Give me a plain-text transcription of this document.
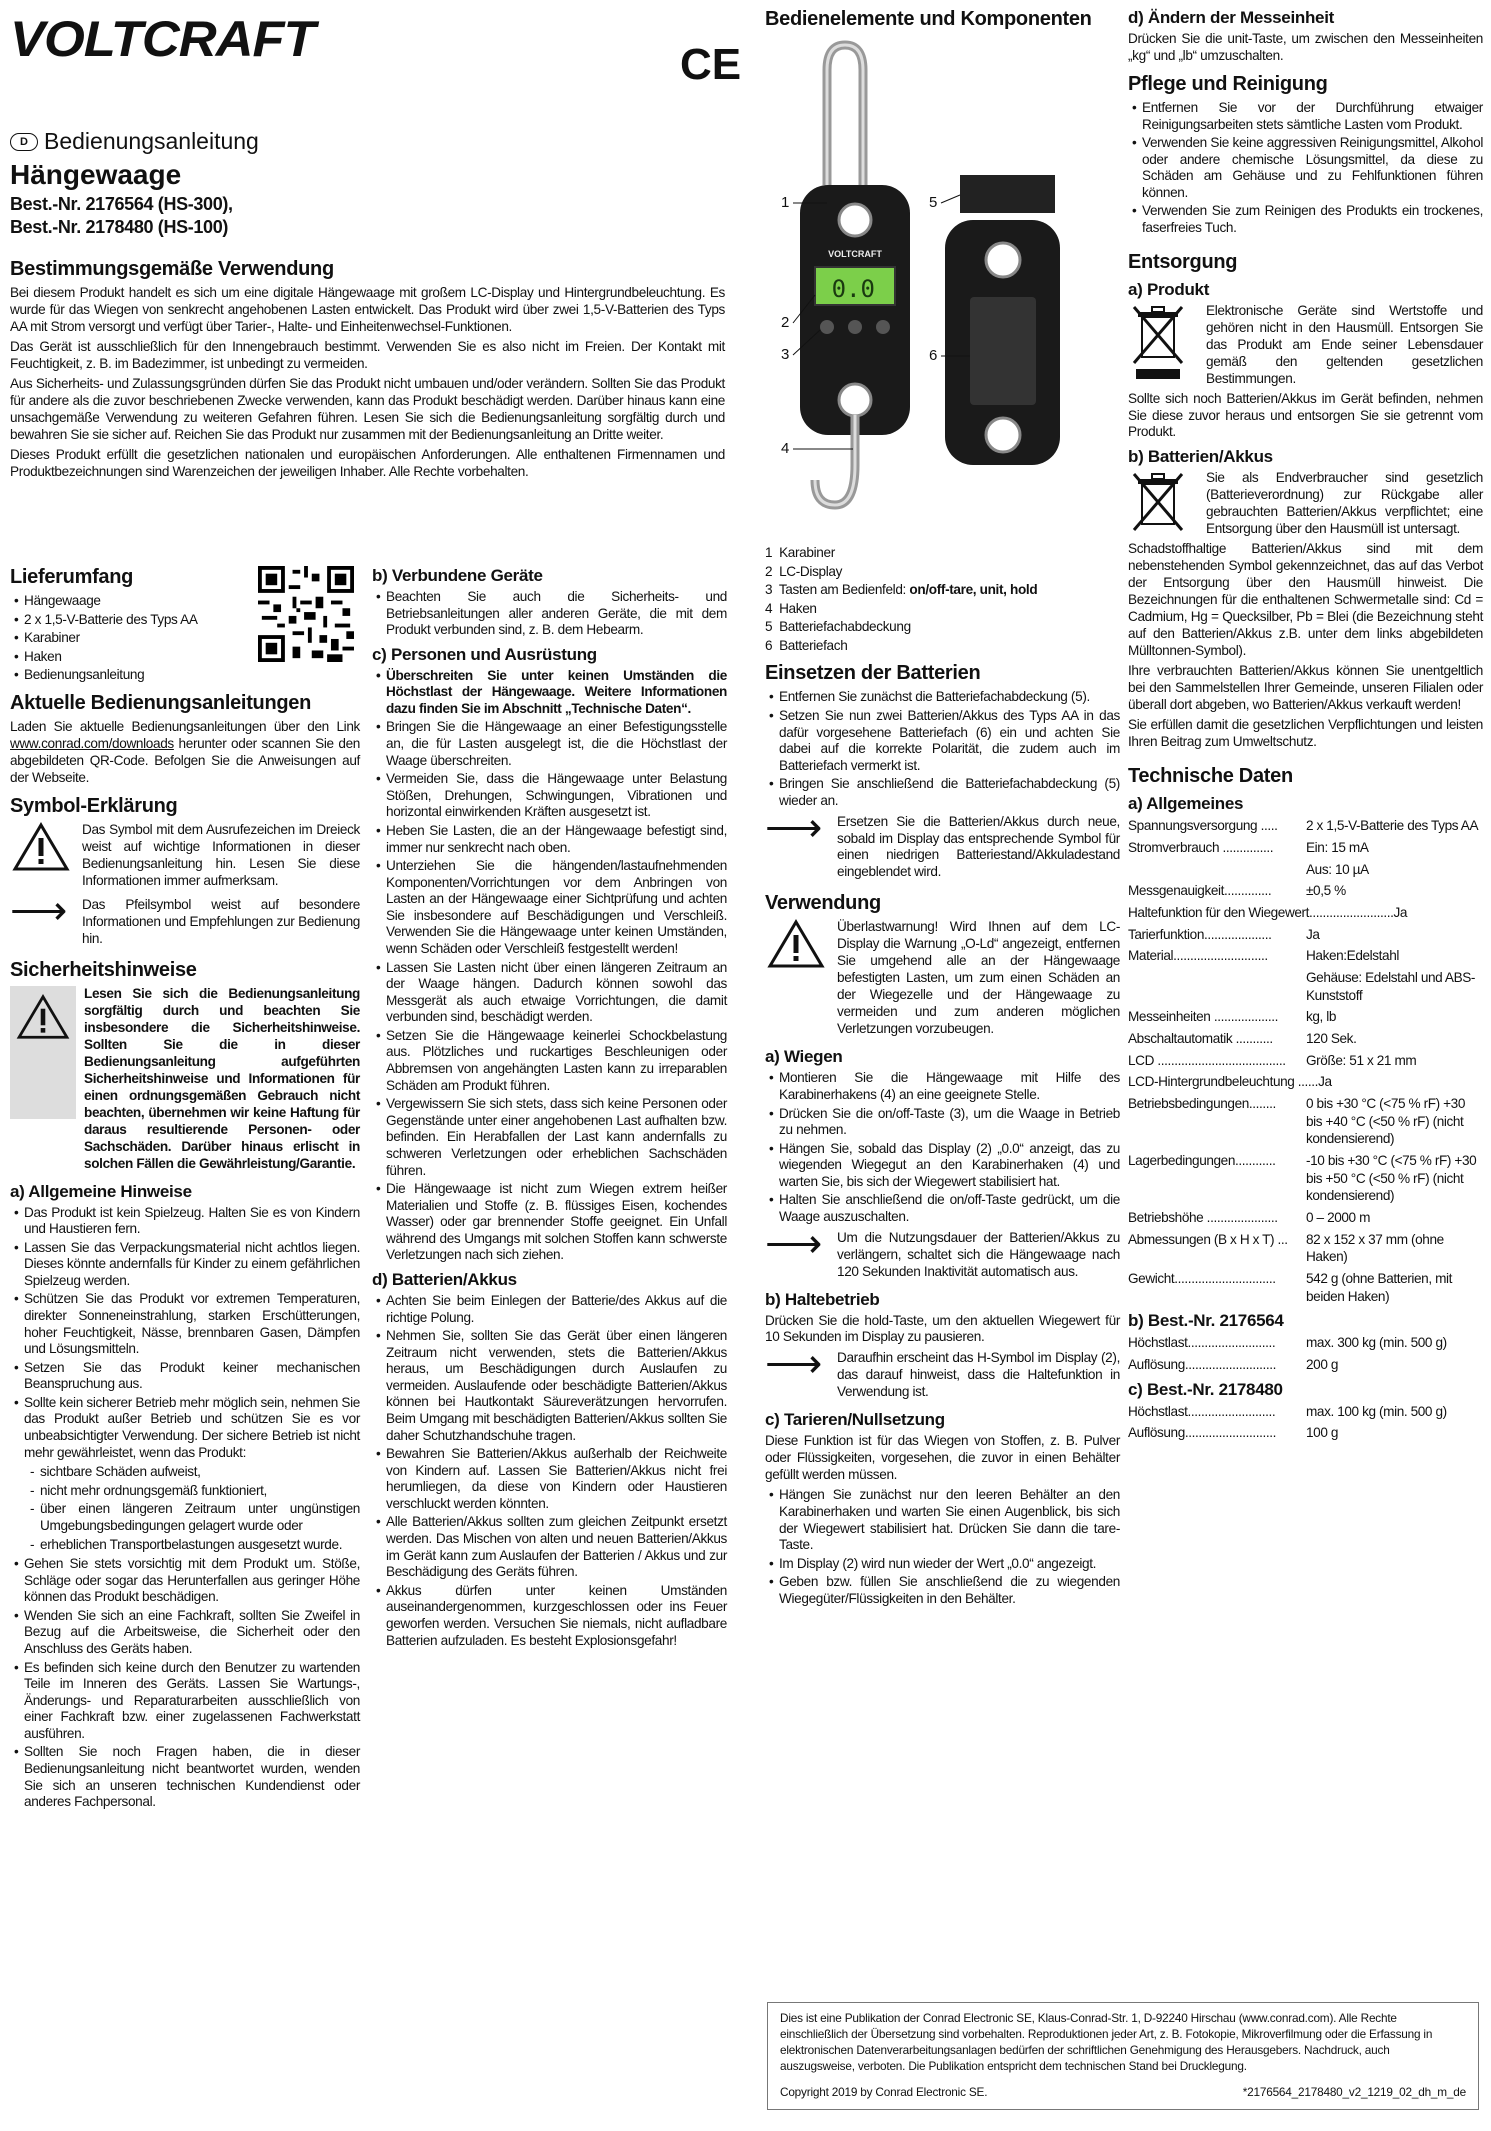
VOLTCRAFT	CE
D Bedienungsanleitung
Hängewaage

Best.-Nr. 2176564 (HS-300),

Best.-Nr. 2178480 (HS-100)

Bestimmungsgemäße Verwendung

Bei diesem Produkt handelt es sich um eine digitale Hängewaage mit großem LC-Display und Hintergrundbeleuchtung. Es wurde für das Wiegen von senkrecht angehobenen Lasten entwickelt. Das Produkt wird über zwei 1,5-V-Batterien des Typs AA mit Strom versorgt und verfügt über Tarier-, Halte- und Einheitenwechsel-Funktionen.

Das Gerät ist ausschließlich für den Innengebrauch bestimmt. Verwenden Sie es also nicht im Freien. Der Kontakt mit Feuchtigkeit, z. B. im Badezimmer, ist unbedingt zu vermeiden.

Aus Sicherheits- und Zulassungsgründen dürfen Sie das Produkt nicht umbauen und/oder verändern. Sollten Sie das Produkt für andere als die zuvor beschriebenen Zwecke verwenden, kann das Produkt beschädigt werden. Darüber hinaus kann eine unsachgemäße Verwendung zu weiteren Gefahren führen. Lesen Sie sich die Bedienungsanleitung sorgfältig durch und bewahren Sie sie sicher auf. Reichen Sie das Produkt nur zusammen mit der Bedienungsanleitung an Dritte weiter.

Dieses Produkt erfüllt die gesetzlichen nationalen und europäischen Anforderungen. Alle enthaltenen Firmennamen und Produktbezeichnungen sind Warenzeichen der jeweiligen Inhaber. Alle Rechte vorbehalten.

Lieferumfang
• Hängewaage
• 2 x 1,5-V-Batterie des Typs AA
• Karabiner
• Haken
• Bedienungsanleitung
Aktuelle Bedienungsanleitungen

Laden Sie aktuelle Bedienungsanleitungen über den Link www.conrad.com/downloads herunter oder scannen Sie den abgebildeten QR-Code. Befolgen Sie die Anweisungen auf der Webseite.

Symbol-Erklärung

Das Symbol mit dem Ausrufezeichen im Dreieck weist auf wichtige Informationen in dieser Bedienungsanleitung hin. Lesen Sie diese Informationen immer aufmerksam.

⟶	Das Pfeilsymbol weist auf besondere Informationen und Empfehlungen zur Bedienung hin.

Sicherheitshinweise

Lesen Sie sich die Bedienungsanleitung sorgfältig durch und beachten Sie insbesondere die Sicherheitshinweise. Sollten Sie die in dieser Bedienungsanleitung aufgeführten Sicherheitshinweise und Informationen für einen ordnungsgemäßen Gebrauch nicht beachten, übernehmen wir keine Haftung für daraus resultierende Personen- oder Sachschäden. Darüber hinaus erlischt in solchen Fällen die Gewährleistung/Garantie.

a) Allgemeine Hinweise
• Das Produkt ist kein Spielzeug. Halten Sie es von Kindern und Haustieren fern.
• Lassen Sie das Verpackungsmaterial nicht achtlos liegen. Dieses könnte andernfalls für Kinder zu einem gefährlichen Spielzeug werden.
• Schützen Sie das Produkt vor extremen Temperaturen, direkter Sonneneinstrahlung, starken Erschütterungen, hoher Feuchtigkeit, Nässe, brennbaren Gasen, Dämpfen und Lösungsmitteln.
• Setzen Sie das Produkt keiner mechanischen Beanspruchung aus.
• Sollte kein sicherer Betrieb mehr möglich sein, nehmen Sie das Produkt außer Betrieb und schützen Sie es vor unbeabsichtigter Verwendung. Der sichere Betrieb ist nicht mehr gewährleistet, wenn das Produkt:
- sichtbare Schäden aufweist,
- nicht mehr ordnungsgemäß funktioniert,
- über einen längeren Zeitraum unter ungünstigen Umgebungsbedingungen gelagert wurde oder
- erheblichen Transportbelastungen ausgesetzt wurde.
• Gehen Sie stets vorsichtig mit dem Produkt um. Stöße, Schläge oder sogar das Herunterfallen aus geringer Höhe können das Produkt beschädigen.
• Wenden Sie sich an eine Fachkraft, sollten Sie Zweifel in Bezug auf die Arbeitsweise, die Sicherheit oder den Anschluss des Geräts haben.
• Es befinden sich keine durch den Benutzer zu wartenden Teile im Inneren des Geräts. Lassen Sie Wartungs-, Änderungs- und Reparaturarbeiten ausschließlich von einer Fachkraft bzw. einer zugelassenen Fachwerkstatt ausführen.
• Sollten Sie noch Fragen haben, die in dieser Bedienungsanleitung nicht beantwortet wurden, wenden Sie sich an unseren technischen Kundendienst oder anderes Fachpersonal.
b) Verbundene Geräte
• Beachten Sie auch die Sicherheits- und Betriebsanleitungen aller anderen Geräte, die mit dem Produkt verbunden sind, z. B. dem Hebearm.
c) Personen und Ausrüstung
• Überschreiten Sie unter keinen Umständen die Höchstlast der Hängewaage. Weitere Informationen dazu finden Sie im Abschnitt „Technische Daten“.
• Bringen Sie die Hängewaage an einer Befestigungsstelle an, die für Lasten ausgelegt ist, die die Höchstlast der Waage überschreiten.
• Vermeiden Sie, dass die Hängewaage unter Belastung Stößen, Drehungen, Schwingungen, Vibrationen und horizontal einwirkenden Kräften ausgesetzt ist.
• Heben Sie Lasten, die an der Hängewaage befestigt sind, immer nur senkrecht nach oben.
• Unterziehen Sie die hängenden/lastaufnehmenden Komponenten/Vorrichtungen vor dem Anbringen von Lasten an der Hängewaage einer Sichtprüfung und achten Sie insbesondere auf Beschädigungen und Verschleiß. Verwenden Sie die Hängewaage unter keinen Umständen, wenn Schäden oder Verschleiß festgestellt werden!
• Lassen Sie Lasten nicht über einen längeren Zeitraum an der Waage hängen. Dadurch können sowohl das Messgerät als auch etwaige Vorrichtungen, die damit verbunden sind, beschädigt werden.
• Setzen Sie die Hängewaage keinerlei Schockbelastung aus. Plötzliches und ruckartiges Beschleunigen oder Abbremsen von angehängten Lasten kann zu irreparablen Schäden am Produkt führen.
• Vergewissern Sie sich stets, dass sich keine Personen oder Gegenstände unter einer angehobenen Last aufhalten bzw. befinden. Ein Herabfallen der Last kann andernfalls zu schweren Verletzungen oder erheblichen Sachschäden führen.
• Die Hängewaage ist nicht zum Wiegen extrem heißer Materialien und Stoffe (z. B. flüssiges Eisen, kochendes Wasser) oder gar brennender Stoffe geeignet. Ein Unfall während des Umgangs mit solchen Stoffen kann schwerste Verletzungen nach sich ziehen.
d) Batterien/Akkus
• Achten Sie beim Einlegen der Batterie/des Akkus auf die richtige Polung.
• Nehmen Sie, sollten Sie das Gerät über einen längeren Zeitraum nicht verwenden, stets die Batterien/Akkus heraus, um Beschädigungen durch Auslaufen zu vermeiden. Auslaufende oder beschädigte Batterien/Akkus können bei Hautkontakt Säureverätzungen hervorrufen. Beim Umgang mit beschädigten Batterien/Akkus sollten Sie daher Schutzhandschuhe tragen.
• Bewahren Sie Batterien/Akkus außerhalb der Reichweite von Kindern auf. Lassen Sie Batterien/Akkus nicht frei herumliegen, da diese von Kindern oder Haustieren verschluckt werden könnten.
• Alle Batterien/Akkus sollten zum gleichen Zeitpunkt ersetzt werden. Das Mischen von alten und neuen Batterien/Akkus im Gerät kann zum Auslaufen der Batterien / Akkus und zur Beschädigung des Geräts führen.
• Akkus dürfen unter keinen Umständen auseinandergenommen, kurzgeschlossen oder ins Feuer geworfen werden. Versuchen Sie niemals, nicht aufladbare Batterien aufzuladen. Es besteht Explosionsgefahr!
Bedienelemente und Komponenten
VOLTCRAFT
0.0
1
2
3
4
5
6
1 Karabiner
2 LC-Display
3 Tasten am Bedienfeld: on/off-tare, unit, hold
4 Haken
5 Batteriefachabdeckung
6 Batteriefach
Einsetzen der Batterien
• Entfernen Sie zunächst die Batteriefachabdeckung (5).
• Setzen Sie nun zwei Batterien/Akkus des Typs AA in das dafür vorgesehene Batteriefach (6) ein und achten Sie dabei auf die korrekte Polarität, die zudem auch im Batteriefach vermerkt ist.
• Bringen Sie anschließend die Batteriefachabdeckung (5) wieder an.
⟶	Ersetzen Sie die Batterien/Akkus durch neue, sobald im Display das entsprechende Symbol für einen niedrigen Batteriestand/Akkuladestand eingeblendet wird.

Verwendung

Überlastwarnung! Wird Ihnen auf dem LC-Display die Warnung „O-Ld“ angezeigt, entfernen Sie umgehend alle an der Hängewaage befestigten Lasten, um zum einen Schäden an der Wiegezelle und der Hängewaage zu vermeiden und zum anderen möglichen Verletzungen vorzubeugen.

a) Wiegen
• Montieren Sie die Hängewaage mit Hilfe des Karabinerhakens (4) an eine geeignete Stelle.
• Drücken Sie die on/off-Taste (3), um die Waage in Betrieb zu nehmen.
• Hängen Sie, sobald das Display (2) „0.0“ anzeigt, das zu wiegenden Wiegegut an den Karabinerhaken (4) und warten Sie, bis sich der Wiegewert stabilisiert hat.
• Halten Sie anschließend die on/off-Taste gedrückt, um die Waage auszuschalten.
⟶	Um die Nutzungsdauer der Batterien/Akkus zu verlängern, schaltet sich die Hängewaage nach 120 Sekunden Inaktivität automatisch aus.

b) Haltebetrieb

Drücken Sie die hold-Taste, um den aktuellen Wiegewert für 10 Sekunden im Display zu pausieren.

⟶	Daraufhin erscheint das H-Symbol im Display (2), das darauf hinweist, dass die Haltefunktion in Verwendung ist.

c) Tarieren/Nullsetzung

Diese Funktion ist für das Wiegen von Stoffen, z. B. Pulver oder Flüssigkeiten, vorgesehen, die zuvor in einen Behälter gefüllt werden müssen.

• Hängen Sie zunächst nur den leeren Behälter an den Karabinerhaken und warten Sie einen Augenblick, bis sich der Wiegewert stabilisiert hat. Drücken Sie dann die tare-Taste.
• Im Display (2) wird nun wieder der Wert „0.0“ angezeigt.
• Geben bzw. füllen Sie anschließend die zu wiegenden Wiegegüter/Flüssigkeiten in den Behälter.
d) Ändern der Messeinheit

Drücken Sie die unit-Taste, um zwischen den Messeinheiten „kg“ und „lb“ umzuschalten.

Pflege und Reinigung
• Entfernen Sie vor der Durchführung etwaiger Reinigungsarbeiten stets sämtliche Lasten vom Produkt.
• Verwenden Sie keine aggressiven Reinigungsmittel, Alkohol oder andere chemische Lösungsmittel, da diese zu Schäden am Gehäuse und zu Fehlfunktionen führen können.
• Verwenden Sie zum Reinigen des Produkts ein trockenes, faserfreies Tuch.
Entsorgung
a) Produkt

Elektronische Geräte sind Wertstoffe und gehören nicht in den Hausmüll. Entsorgen Sie das Produkt am Ende seiner Lebensdauer gemäß den geltenden gesetzlichen Bestimmungen.

Sollte sich noch Batterien/Akkus im Gerät befinden, nehmen Sie diese zuvor heraus und entsorgen Sie sie getrennt vom Produkt.

b) Batterien/Akkus

Sie als Endverbraucher sind gesetzlich (Batterieverordnung) zur Rückgabe aller gebrauchten Batterien/Akkus verpflichtet; eine Entsorgung über den Hausmüll ist untersagt.

Schadstoffhaltige Batterien/Akkus sind mit dem nebenstehenden Symbol gekennzeichnet, das auf das Verbot der Entsorgung über den Hausmüll hinweist. Die Bezeichnungen für die enthaltenen Schwermetalle sind: Cd = Cadmium, Hg = Quecksilber, Pb = Blei (die Bezeichnung steht auf den Batterien/Akkus z.B. unter dem links abgebildeten Mülltonnen-Symbol).

Ihre verbrauchten Batterien/Akkus können Sie unentgeltlich bei den Sammelstellen Ihrer Gemeinde, unseren Filialen oder überall dort abgeben, wo Batterien/Akkus verkauft werden!

Sie erfüllen damit die gesetzlichen Verpflichtungen und leisten Ihren Beitrag zum Umweltschutz.

Technische Daten
a) Allgemeines
Spannungsversorgung .....	2 x 1,5-V-Batterie des Typs AA
Stromverbrauch ...............	Ein: 15 mA
Aus: 10 µA
Messgenauigkeit..............	±0,5 %
Haltefunktion für den Wiegewert......................... Ja
Tarierfunktion....................	Ja
Material............................	Haken:Edelstahl
Gehäuse: Edelstahl und ABS-Kunststoff
Messeinheiten ...................	kg, lb
Abschaltautomatik ...........	120 Sek.
LCD ......................................	Größe: 51 x 21 mm
LCD-Hintergrundbeleuchtung ...... Ja
Betriebsbedingungen........	0 bis +30 °C (<75 % rF) +30 bis +40 °C (<50 % rF) (nicht kondensierend)
Lagerbedingungen............	-10 bis +30 °C (<75 % rF) +30 bis +50 °C (<50 % rF) (nicht kondensierend)
Betriebshöhe .....................	0 – 2000 m
Abmessungen (B x H x T) ...	82 x 152 x 37 mm (ohne Haken)
Gewicht..............................	542 g (ohne Batterien, mit beiden Haken)
b) Best.-Nr. 2176564
Höchstlast..........................	max. 300 kg (min. 500 g)
Auflösung...........................	200 g
c) Best.-Nr. 2178480
Höchstlast..........................	max. 100 kg (min. 500 g)
Auflösung...........................	100 g
Dies ist eine Publikation der Conrad Electronic SE, Klaus-Conrad-Str. 1, D-92240 Hirschau (www.conrad.com). Alle Rechte einschließlich der Übersetzung sind vorbehalten. Reproduktionen jeder Art, z. B. Fotokopie, Mikroverfilmung oder die Erfassung in elektronischen Datenverarbeitungsanlagen bedürfen der schriftlichen Genehmigung des Herausgebers. Nachdruck, auch auszugsweise, verboten. Die Publikation entspricht dem technischen Stand bei Drucklegung.
Copyright 2019 by Conrad Electronic SE.	*2176564_2178480_v2_1219_02_dh_m_de
